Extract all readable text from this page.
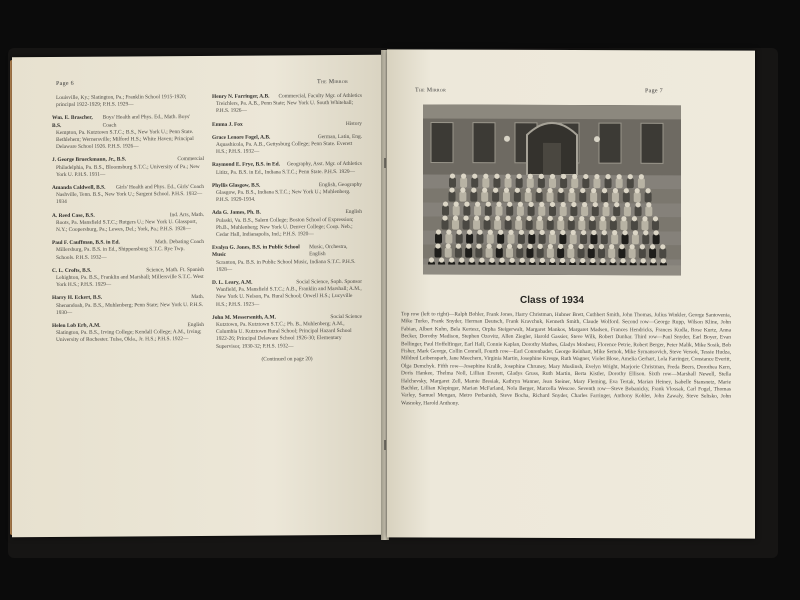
Page 6	The Mirror
Louisville, Ky.; Slatington, Pa.; Franklin School 1915-1920; principal 1922-1929; P.H.S. 1929—
Wm. E. Brascher, B.S.
Boys' Health and Phys. Ed., Math. Boys' Coach
Kempton, Pa. Kutztown S.T.C.; B.S., New York U.; Penn State. Bethlehem; Wernersville; Milford H.S.; White Haven; Principal Delaware School 1926. P.H.S. 1926—
J. George Brueckmann, Jr., B.S.	Commercial
Philadelphia, Pa. B.S., Bloomsburg S.T.C.; University of Pa.; New York U. P.H.S. 1931—
Amanda Caldwell, B.S. Girls' Health and Phys. Ed., Girls' Coach
Nashville, Tenn. B.S., New York U.; Sargent School. P.H.S. 1932—1934
A. Reed Case, B.S.	Ind. Arts, Math.
Roots, Pa. Mansfield S.T.C.; Rutgers U.; New York U. Glassport, N.Y.; Coopersburg, Pa.; Lewes, Del.; York, Pa.; P.H.S. 1928—
Paul F. Cauffman, B.S. in Ed.	Math. Debating Coach
Millersburg, Pa. B.S. in Ed., Shippensburg S.T.C. Rye Twp. Schools. P.H.S. 1932—
C. L. Crofts, B.S.	Science, Math. Ft. Spanish
Lehighton, Pa. B.S., Franklin and Marshall; Millersville S.T.C. West York H.S.; P.H.S. 1929—
Harry H. Eckert, B.S.	Math.
Shenandoah, Pa. B.S., Muhlenberg; Penn State; New York U. P.H.S. 1930—
Helen Lob Erb, A.M.	English
Slatington, Pa. B.S., Irving College; Kendall College; A.M., Irving; University of Rochester. Tulsa, Okla., Jr. H.S.; P.H.S. 1922—
Henry N. Farringer, A.B. Commercial, Faculty Mgr. of Athletics
Treichlers, Pa. A.B., Penn State; New York U. South Whitehall; P.H.S. 1926—
Emma J. Fox	History
Grace Lenore Fogel, A.B.	German, Latin, Eng.
Aquashicola, Pa. A.B., Gettysburg College; Penn State. Everett H.S.; P.H.S. 1932—
Raymond E. Frye, B.S. in Ed. Geography, Asst. Mgr. of Athletics
Lititz, Pa. B.S. in Ed., Indiana S.T.C.; Penn State. P.H.S. 1929—
Phyllis Glasgow, B.S.	English, Geography
Glasgow, Pa. B.S., Indiana S.T.C.; New York U.; Muhlenberg. P.H.S. 1929-1934.
Ada G. James, Ph. B.	English
Pulaski, Va. B.S., Salem College; Boston School of Expression; Ph.B., Muhlenberg; New York U. Denver College; Coop. Neb.; Cedar Hall, Indianapolis, Ind.; P.H.S. 1920—
Evalyn G. Jones, B.S. in Public School Music
Music, Orchestra, English
Scranton, Pa. B.S. in Public School Music, Indiana S.T.C. P.H.S. 1928—
D. L. Leary, A.M.	Social Science, Soph. Sponsor
Wanfield, Pa. Mansfield S.T.C.; A.B., Franklin and Marshall; A.M., New York U. Nelson, Pa. Rural School; Orwell H.S.; Lucyville H.S.; P.H.S. 1923—
John M. Messersmith, A.M.	Social Science
Kutztown, Pa. Kutztown S.T.C.; Ph. B., Muhlenberg; A.M., Columbia U. Kutztown Rural School; Principal Hazard School 1922-26; Principal Delaware School 1926-30; Elementary Supervisor, 1930-32; P.H.S. 1932—
(Continued on page 20)
The Mirror	Page 7
Class of 1934
Top row (left to right)—Ralph Bohler, Frank Jones, Harry Christman, Hubner Brett, Cuthbert Smith, John Thomas, Julius Winkler, George Santovenia, Mike Turko, Frank Snyder, Herman Deutsch, Frank Kravchuk, Kenneth Smith, Claude Wolford. Second row—George Rupp, Wilson Kline, John Fabian, Albert Kuhn, Bela Kertesz, Orpha Steigerwalt, Margaret Mankos, Margaret Madsen, Frances Hendricks, Frances Kudla, Rose Kurtz, Anna Becker, Dorothy Madison, Stephen Ozovitz, Allen Ziegler, Harold Gassier, Steve Wilk, Robert Dunbar. Third row—Paul Snyder, Earl Boyer, Evan Bollinger, Paul Hoffelfinger, Earl Hall, Connie Kaplan, Dorothy Mathes, Gladys Moshesr, Florence Petrie, Robert Berger, Peter Malik, Mike Sosik, Bob Fisher, Mark George, Collin Connell, Fourth row—Earl Conrenbader, George Reinhart, Mike Semok, Mike Symansovich, Steve Versok, Tessie Hudza, Mildred Leibensparh, Jane Meechem, Virginia Martin, Josephine Kresge, Ruth Wagner, Violet Blose, Amelia Gerhart, Lola Farringer, Constance Everitt, Olga Demchyk. Fifth row—Josephine Kralik, Josephine Chruney, Mary Muslinsh, Evelyn Wright, Marjorie Christman, Freda Beers, Dorothea Kern, Doris Hankee, Thelma Noll, Lillian Everett, Gladys Gruss, Ruth Martin, Berta Kistler, Dorothy Ellison. Sixth row—Marshall Newell, Stella Halchevsky, Margaret Zell, Mamie Bresiak, Kathryn Wanner, Jean Steiner, Mary Fleming, Eva Tertak, Marian Heiney, Isabelle Stansnetz, Marie Bachler, Lillian Klepinger, Marian McFarland, Nola Berger, Marcella Wescoe. Seventh row—Steve Bobanicky, Frank Vlossak, Carl Fogel, Thomas Varley, Samuel Mengan, Metro Perbanish, Steve Bocha, Richard Snyder, Charles Farringer, Anthony Kohler, John Zawaly, Steve Seltsko, John Wasnoky, Harold Anthony.
